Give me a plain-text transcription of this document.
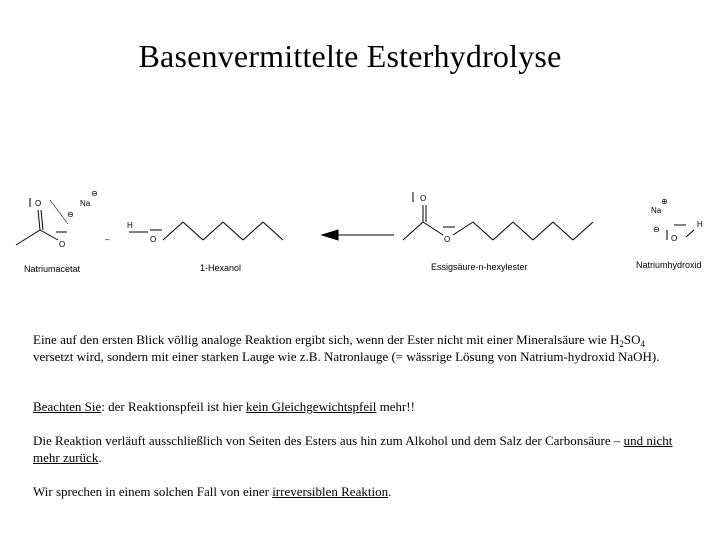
Basenvermittelte Esterhydrolyse
O	Na
⊖
⊖
O
–
H
O
O
O
Na
⊕
⊖
O
H
Natriumacetat	1-Hexanol	Essigsäure-n-hexylester	Natriumhydroxid
Eine auf den ersten Blick völlig analoge Reaktion ergibt sich, wenn der Ester nicht mit einer Mineralsäure wie $H_2SO_4$ versetzt wird, sondern mit einer starken Lauge wie z.B. Natronlauge (= wässrige Lösung von Natrium-hydroxid NaOH).
Beachten Sie: der Reaktionspfeil ist hier kein Gleichgewichtspfeil mehr!!
Die Reaktion verläuft ausschließlich von Seiten des Esters aus hin zum Alkohol und dem Salz der Carbonsäure – und nicht mehr zurück.
Wir sprechen in einem solchen Fall von einer irreversiblen Reaktion.
